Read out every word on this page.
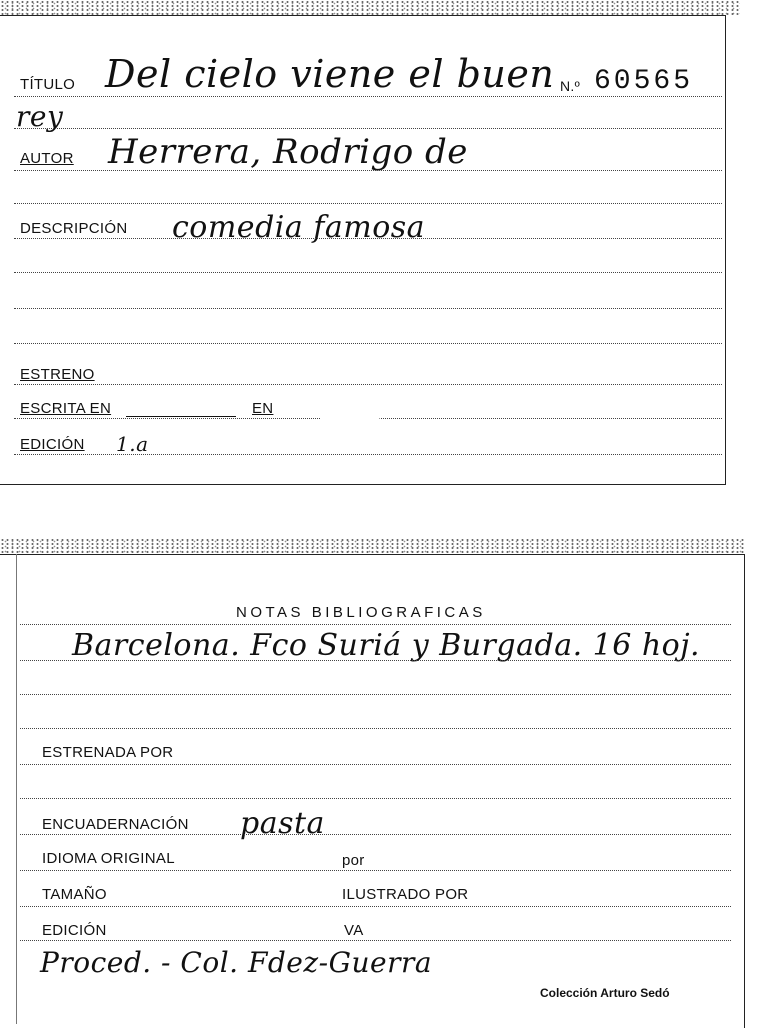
TÍTULO Del cielo viene el buen N.º 60565
rey
AUTOR Herrera, Rodrigo de
DESCRIPCIÓN comedia famosa
ESTRENO
ESCRITA EN	EN
EDICIÓN 1.a
NOTAS BIBLIOGRAFICAS
Barcelona. Fco Suriá y Burgada. 16 hoj.
ESTRENADA POR
ENCUADERNACIÓN pasta
IDIOMA ORIGINAL	por
TAMAÑO	ILUSTRADO POR
EDICIÓN	VA
Proced. - Col. Fdez-Guerra
Colección Arturo Sedó
